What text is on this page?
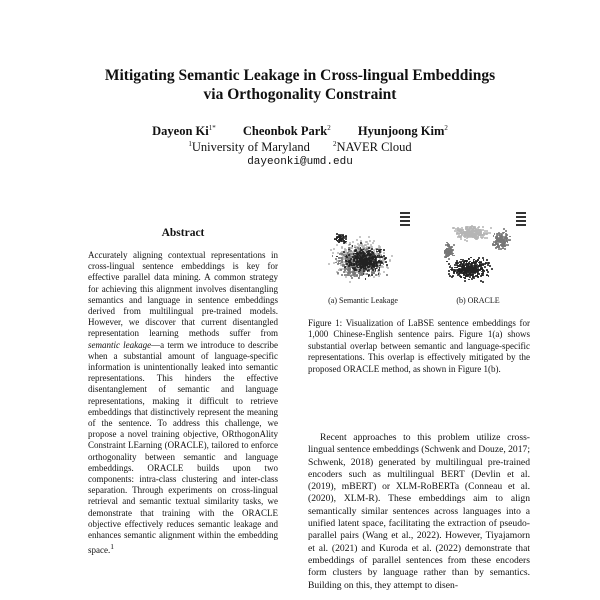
Mitigating Semantic Leakage in Cross-lingual Embeddings
via Orthogonality Constraint
Dayeon $Ki^{1*}$ Cheonbok Park$^2$ Hyunjoong Kim$^2$
$^1$University of Maryland	$^2$NAVER Cloud
dayeonki@umd.edu
Abstract
Accurately aligning contextual representations in cross-lingual sentence embeddings is key for effective parallel data mining. A common strategy for achieving this alignment involves disentangling semantics and language in sentence embeddings derived from multilingual pre-trained models. However, we discover that current disentangled representation learning methods suffer from semantic leakage—a term we introduce to describe when a substantial amount of language-specific information is unintentionally leaked into semantic representations. This hinders the effective disentanglement of semantic and language representations, making it difficult to retrieve embeddings that distinctively represent the meaning of the sentence. To address this challenge, we propose a novel training objective, ORthogonAlity Constraint LEarning (ORACLE), tailored to enforce orthogonality between semantic and language embeddings. ORACLE builds upon two components: intra-class clustering and inter-class separation. Through experiments on cross-lingual retrieval and semantic textual similarity tasks, we demonstrate that training with the ORACLE objective effectively reduces semantic leakage and enhances semantic alignment within the embedding space.$^1$
(a) Semantic Leakage	(b) ORACLE
Figure 1: Visualization of LaBSE sentence embeddings for 1,000 Chinese-English sentence pairs. Figure 1(a) shows substantial overlap between semantic and language-specific representations. This overlap is effectively mitigated by the proposed ORACLE method, as shown in Figure 1(b).
Recent approaches to this problem utilize cross-lingual sentence embeddings (Schwenk and Douze, 2017; Schwenk, 2018) generated by multilingual pre-trained encoders such as multilingual BERT (Devlin et al. (2019), mBERT) or XLM-RoBERTa (Conneau et al. (2020), XLM-R). These embeddings aim to align semantically similar sentences across languages into a unified latent space, facilitating the extraction of pseudo-parallel pairs (Wang et al., 2022). However, Tiyajamorn et al. (2021) and Kuroda et al. (2022) demonstrate that embeddings of parallel sentences from these encoders form clusters by language rather than by semantics. Building on this, they attempt to disen-
